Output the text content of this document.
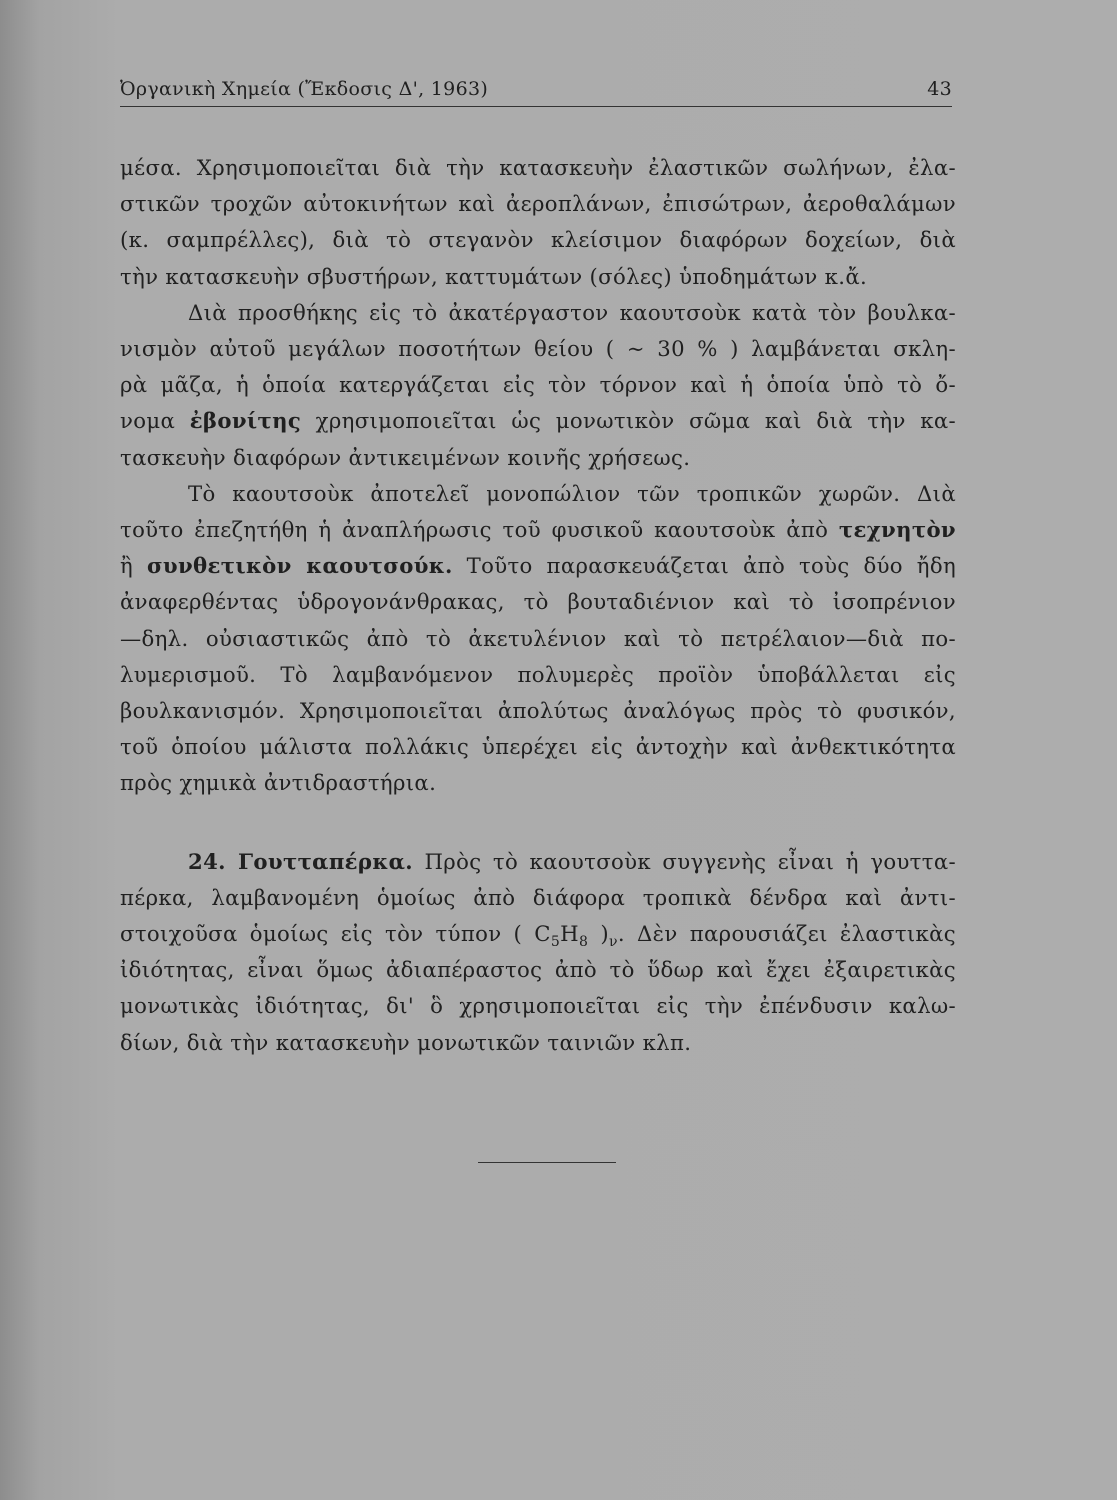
Ὀργανικὴ Χημεία (Ἔκδοσις Δ', 1963)	43
μέσα. Χρησιμοποιεῖται διὰ τὴν κατασκευὴν ἐλαστικῶν σωλήνων, ἐλα-
στικῶν τροχῶν αὐτοκινήτων καὶ ἀεροπλάνων, ἐπισώτρων, ἀεροθαλάμων
(κ. σαμπρέλλες), διὰ τὸ στεγανὸν κλείσιμον διαφόρων δοχείων, διὰ
τὴν κατασκευὴν σβυστήρων, καττυμάτων (σόλες) ὑποδημάτων κ.ἄ.
Διὰ προσθήκης εἰς τὸ ἀκατέργαστον καουτσοὺκ κατὰ τὸν βουλκα-
νισμὸν αὐτοῦ μεγάλων ποσοτήτων θείου ( ∼ 30 % ) λαμβάνεται σκλη-
ρὰ μᾶζα, ἡ ὁποία κατεργάζεται εἰς τὸν τόρνον καὶ ἡ ὁποία ὑπὸ τὸ ὄ-
νομα ἐβονίτης χρησιμοποιεῖται ὡς μονωτικὸν σῶμα καὶ διὰ τὴν κα-
τασκευὴν διαφόρων ἀντικειμένων κοινῆς χρήσεως.
Τὸ καουτσοὺκ ἀποτελεῖ μονοπώλιον τῶν τροπικῶν χωρῶν. Διὰ
τοῦτο ἐπεζητήθη ἡ ἀναπλήρωσις τοῦ φυσικοῦ καουτσοὺκ ἀπὸ τεχνητὸν
ἢ συνθετικὸν καουτσούκ. Τοῦτο παρασκευάζεται ἀπὸ τοὺς δύο ἤδη
ἀναφερθέντας ὑδρογονάνθρακας, τὸ βουταδιένιον καὶ τὸ ἰσοπρένιον
—δηλ. οὐσιαστικῶς ἀπὸ τὸ ἀκετυλένιον καὶ τὸ πετρέλαιον—διὰ πο-
λυμερισμοῦ. Τὸ λαμβανόμενον πολυμερὲς προϊὸν ὑποβάλλεται εἰς
βουλκανισμόν. Χρησιμοποιεῖται ἀπολύτως ἀναλόγως πρὸς τὸ φυσικόν,
τοῦ ὁποίου μάλιστα πολλάκις ὑπερέχει εἰς ἀντοχὴν καὶ ἀνθεκτικότητα
πρὸς χημικὰ ἀντιδραστήρια.
24. Γουτταπέρκα. Πρὸς τὸ καουτσοὺκ συγγενὴς εἶναι ἡ γουττα-
πέρκα, λαμβανομένη ὁμοίως ἀπὸ διάφορα τροπικὰ δένδρα καὶ ἀντι-
στοιχοῦσα ὁμοίως εἰς τὸν τύπον ( $C_5H_8$ )$_\nu$. Δὲν παρουσιάζει ἐλαστικὰς
ἰδιότητας, εἶναι ὅμως ἀδιαπέραστος ἀπὸ τὸ ὕδωρ καὶ ἔχει ἐξαιρετικὰς
μονωτικὰς ἰδιότητας, δι' ὃ χρησιμοποιεῖται εἰς τὴν ἐπένδυσιν καλω-
δίων, διὰ τὴν κατασκευὴν μονωτικῶν ταινιῶν κλπ.
